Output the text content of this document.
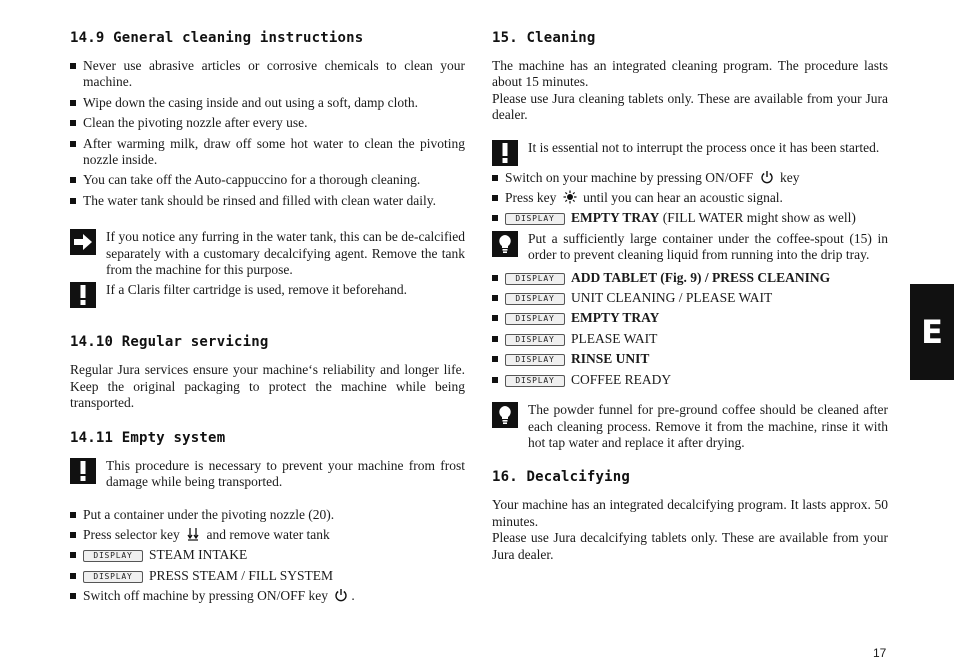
14.9 General cleaning instructions
Never use abrasive articles or corrosive chemicals to clean your machine.
Wipe down the casing inside and out using a soft, damp cloth.
Clean the pivoting nozzle after every use.
After warming milk, draw off some hot water to clean the pivoting nozzle inside.
You can take off the Auto-cappuccino for a thorough cleaning.
The water tank should be rinsed and filled with clean water daily.

If you notice any furring in the water tank, this can be de-calcified separately with a customary decalcifying agent. Remove the tank from the machine for this purpose.

If a Claris filter cartridge is used, remove it beforehand.

14.10 Regular servicing

Regular Jura services ensure your machine‘s reliability and longer life. Keep the original packaging to protect the machine while being transported.

14.11 Empty system

This procedure is necessary to prevent your machine from frost damage while being transported.

Put a container under the pivoting nozzle (20).
Press selector key and remove water tank
DISPLAY STEAM INTAKE
DISPLAY PRESS STEAM / FILL SYSTEM
Switch off machine by pressing ON/OFF key .
15. Cleaning

The machine has an integrated cleaning program. The procedure lasts about 15 minutes.

Please use Jura cleaning tablets only. These are available from your Jura dealer.

It is essential not to interrupt the process once it has been started.

Switch on your machine by pressing ON/OFF key
Press key until you can hear an acoustic signal.
DISPLAY EMPTY TRAY (FILL WATER might show as well)

Put a sufficiently large container under the coffee-spout (15) in order to prevent cleaning liquid from running into the drip tray.

DISPLAY ADD TABLET (Fig. 9) / PRESS CLEANING
DISPLAY UNIT CLEANING / PLEASE WAIT
DISPLAY EMPTY TRAY
DISPLAY PLEASE WAIT
DISPLAY RINSE UNIT
DISPLAY COFFEE READY

The powder funnel for pre-ground coffee should be cleaned after each cleaning process. Remove it from the machine, rinse it with hot tap water and replace it after drying.

16. Decalcifying

Your machine has an integrated decalcifying program. It lasts approx. 50 minutes.

Please use Jura decalcifying tablets only. These are available from your Jura dealer.

E
17
